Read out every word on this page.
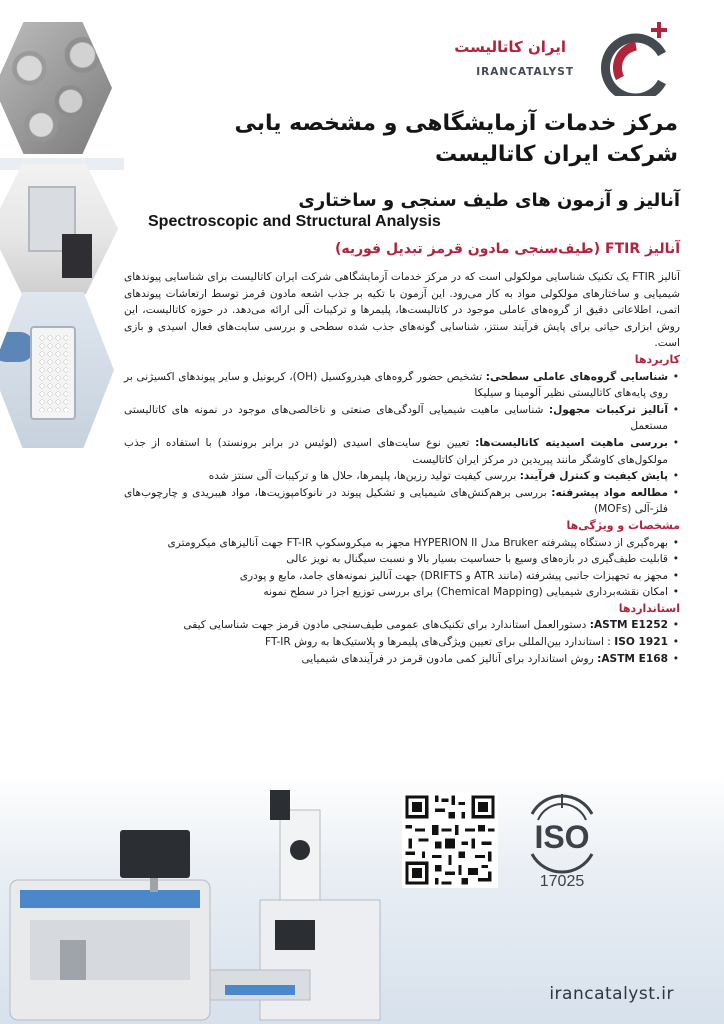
ایران کاتالیست
IRANCATALYST
مرکز خدمات آزمایشگاهی و مشخصه یابی شرکت ایران کاتالیست
آنالیز و آزمون های طیف سنجی و ساختاری
Spectroscopic and Structural Analysis
آنالیز FTIR (طیف‌سنجی مادون قرمز تبدیل فوریه)

آنالیز FTIR یک تکنیک شناسایی مولکولی است که در مرکز خدمات آزمایشگاهی شرکت ایران کاتالیست برای شناسایی پیوندهای شیمیایی و ساختارهای مولکولی مواد به کار می‌رود. این آزمون با تکیه بر جذب اشعه مادون قرمز توسط ارتعاشات پیوندهای اتمی، اطلاعاتی دقیق از گروه‌های عاملی موجود در کاتالیست‌ها، پلیمرها و ترکیبات آلی ارائه می‌دهد. در حوزه کاتالیست، این روش ابزاری حیاتی برای پایش فرآیند سنتز، شناسایی گونه‌های جذب شده سطحی و بررسی سایت‌های فعال اسیدی و بازی است.

کاربردها
• شناسایی گروه‌های عاملی سطحی: تشخیص حضور گروه‌های هیدروکسیل (OH)، کربونیل و سایر پیوندهای اکسیژنی بر روی پایه‌های کاتالیستی نظیر آلومینا و سیلیکا
• آنالیز ترکیبات مجهول: شناسایی ماهیت شیمیایی آلودگی‌های صنعتی و ناخالصی‌های موجود در نمونه های کاتالیستی مستعمل
• بررسی ماهیت اسیدیته کاتالیست‌ها: تعیین نوع سایت‌های اسیدی (لوئیس در برابر برونستد) با استفاده از جذب مولکول‌های کاوشگر مانند پیریدین در مرکز ایران کاتالیست
• پایش کیفیت و کنترل فرآیند: بررسی کیفیت تولید رزین‌ها، پلیمرها، حلال ها و ترکیبات آلی سنتز شده
• مطالعه مواد پیشرفته: بررسی برهم‌کنش‌های شیمیایی و تشکیل پیوند در نانوکامپوزیت‌ها، مواد هیبریدی و چارچوب‌های فلز-آلی (MOFs)
مشخصات و ویژگی‌ها
• بهره‌گیری از دستگاه پیشرفته Bruker مدل HYPERION II مجهز به میکروسکوپ FT-IR جهت آنالیزهای میکرومتری
• قابلیت طیف‌گیری در بازه‌های وسیع با حساسیت بسیار بالا و نسبت سیگنال به نویز عالی
• مجهز به تجهیزات جانبی پیشرفته (مانند ATR و DRIFTS) جهت آنالیز نمونه‌های جامد، مایع و پودری
• امکان نقشه‌برداری شیمیایی (Chemical Mapping) برای بررسی توزیع اجزا در سطح نمونه
استانداردها
• ASTM E1252: دستورالعمل استاندارد برای تکنیک‌های عمومی طیف‌سنجی مادون قرمز جهت شناسایی کیفی
• ISO 1921 : استاندارد بین‌المللی برای تعیین ویژگی‌های پلیمرها و پلاستیک‌ها به روش FT-IR
• ASTM E168: روش استاندارد برای آنالیز کمی مادون قرمز در فرآیندهای شیمیایی
ISO
17025
irancatalyst.ir
